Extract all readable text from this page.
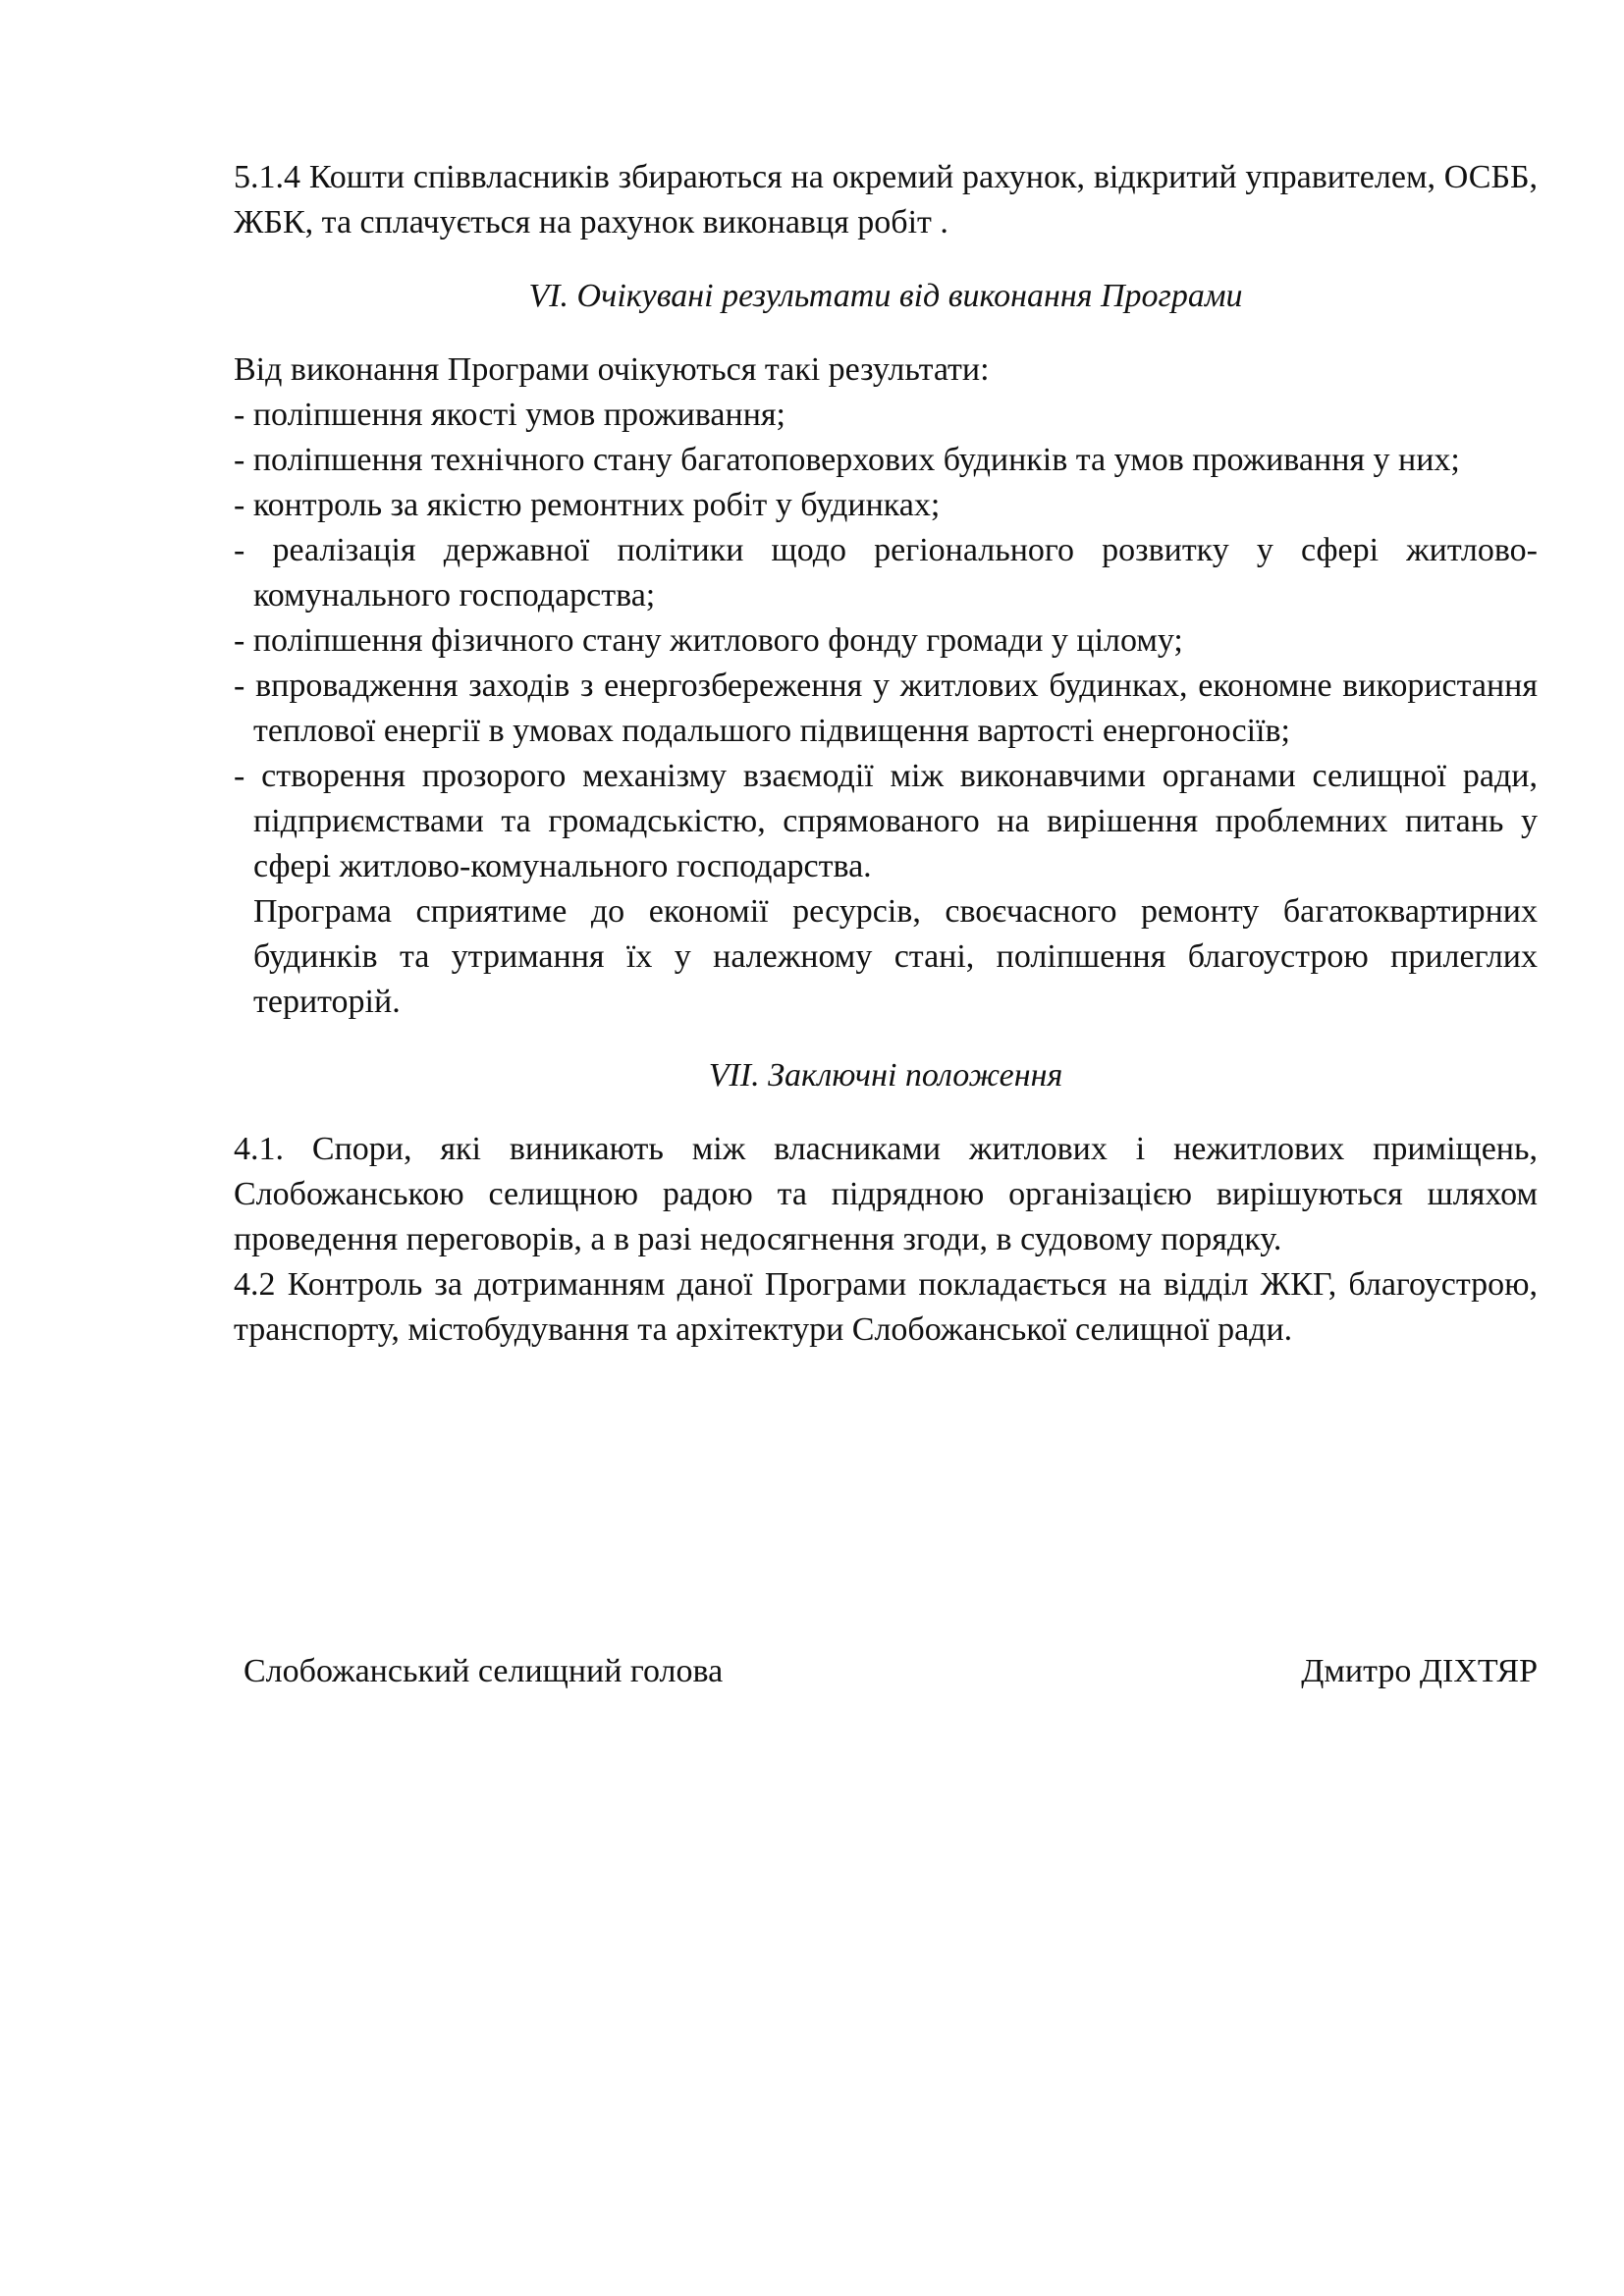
5.1.4 Кошти співвласників збираються на окремий рахунок, відкритий управителем, ОСББ, ЖБК, та сплачується на рахунок виконавця робіт .

VI. Очікувані результати від виконання Програми

Від виконання Програми очікуються такі результати:

- поліпшення якості умов проживання;
- поліпшення технічного стану багатоповерхових будинків та умов проживання у них;
- контроль за якістю ремонтних робіт у будинках;
- реалізація державної політики щодо регіонального розвитку у сфері житлово-комунального господарства;
- поліпшення фізичного стану житлового фонду громади у цілому;
- впровадження заходів з енергозбереження у житлових будинках, економне використання теплової енергії в умовах подальшого підвищення вартості енергоносіїв;
- створення прозорого механізму взаємодії між виконавчими органами селищної ради, підприємствами та громадськістю, спрямованого на вирішення проблемних питань у сфері житлово-комунального господарства.

Програма сприятиме до економії ресурсів, своєчасного ремонту багатоквартирних будинків та утримання їх у належному стані, поліпшення благоустрою прилеглих територій.

VII. Заключні положення

4.1. Спори, які виникають між власниками житлових і нежитлових приміщень, Слобожанською селищною радою та підрядною організацією вирішуються шляхом проведення переговорів, а в разі недосягнення згоди, в судовому порядку.

4.2 Контроль за дотриманням даної Програми покладається на відділ ЖКГ, благоустрою, транспорту, містобудування та архітектури Слобожанської селищної ради.

Слобожанський селищний голова	Дмитро ДІХТЯР
